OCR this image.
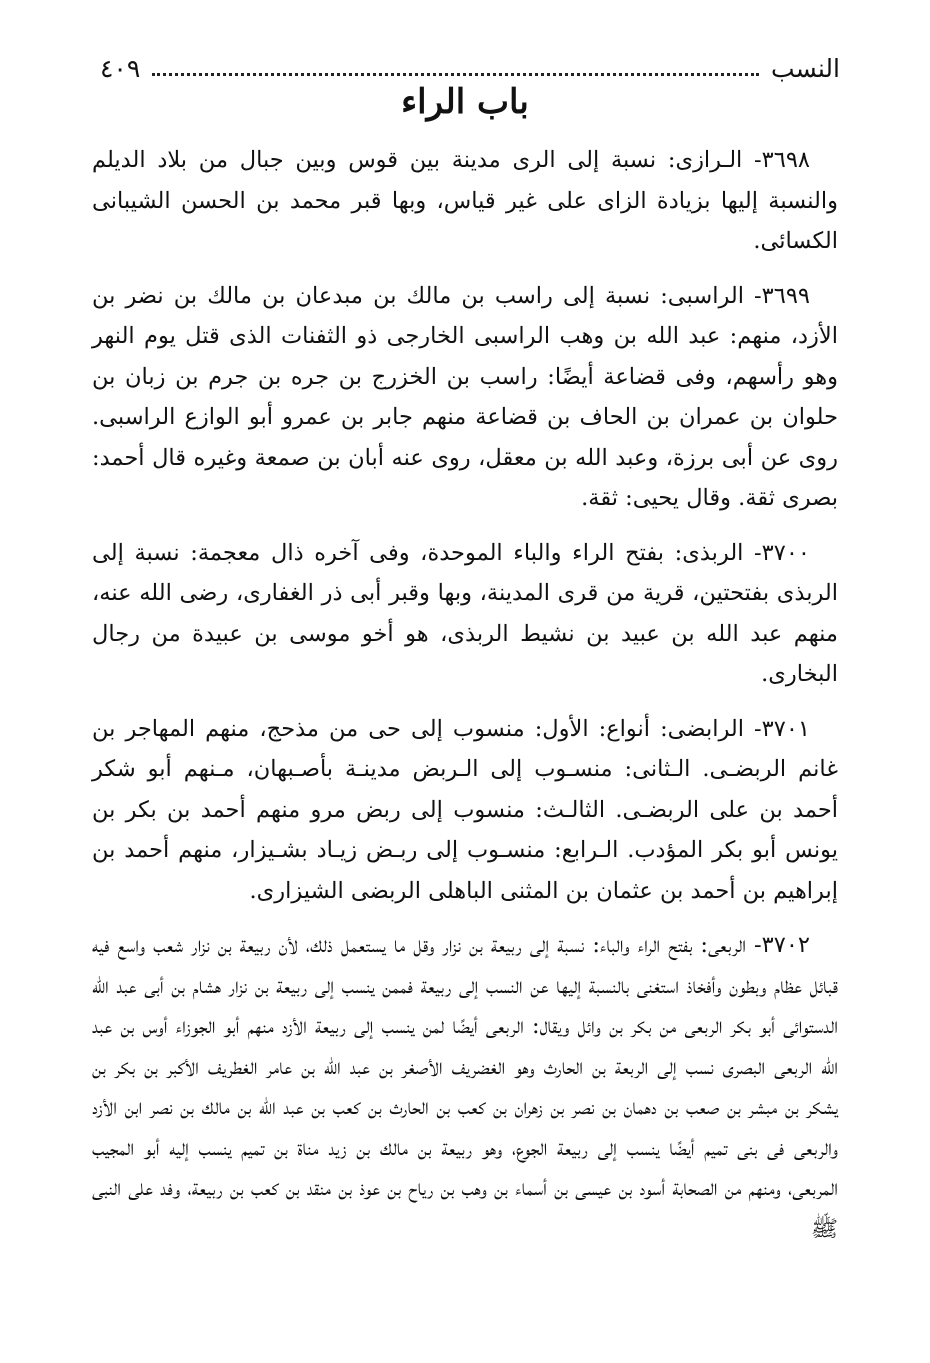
النسب
٤٠٩
باب الراء

٣٦٩٨- الـرازى: نسبة إلى الرى مدينة بين قوس وبين جبال من بلاد الديلم والنسبة إليها بزيادة الزاى على غير قياس، وبها قبر محمد بن الحسن الشيبانى الكسائى.

٣٦٩٩- الراسبى: نسبة إلى راسب بن مالك بن مبدعان بن مالك بن نضر بن الأزد، منهم: عبد الله بن وهب الراسبى الخارجى ذو الثفنات الذى قتل يوم النهر وهو رأسهم، وفى قضاعة أيضًا: راسب بن الخزرج بن جره بن جرم بن زبان بن حلوان بن عمران بن الحاف بن قضاعة منهم جابر بن عمرو أبو الوازع الراسبى. روى عن أبى برزة، وعبد الله بن معقل، روى عنه أبان بن صمعة وغيره قال أحمد: بصرى ثقة. وقال يحيى: ثقة.

٣٧٠٠- الربذى: بفتح الراء والباء الموحدة، وفى آخره ذال معجمة: نسبة إلى الربذى بفتحتين، قرية من قرى المدينة، وبها وقبر أبى ذر الغفارى، رضى الله عنه، منهم عبد الله بن عبيد بن نشيط الربذى، هو أخو موسى بن عبيدة من رجال البخارى.

٣٧٠١- الرابضى: أنواع: الأول: منسوب إلى حى من مذحج، منهم المهاجر بن غانم الربضـى. الـثانى: منسـوب إلى الـربض مدينـة بأصـبهان، مـنهم أبو شكر أحمد بن على الربضـى. الثالـث: منسوب إلى ربض مرو منهم أحمد بن بكر بن يونس أبو بكر المؤدب. الـرابع: منسـوب إلى ربـض زيـاد بشـيزار، منهم أحمد بن إبراهيم بن أحمد بن عثمان بن المثنى الباهلى الربضى الشيزارى.

٣٧٠٢- الربعى: بفتح الراء والباء: نسبة إلى ربيعة بن نزار وقل ما يستعمل ذلك، لأن ربيعة بن نزار شعب واسع فيه قبائل عظام وبطون وأفخاذ استغنى بالنسبة إليها عن النسب إلى ربيعة فممن ينسب إلى ربيعة بن نزار هشام بن أبى عبد الله الدستوائى أبو بكر الربعى من بكر بن وائل ويقال: الربعى أيضًا لمن ينسب إلى ربيعة الأزد منهم أبو الجوزاء أوس بن عبد الله الربعى البصرى نسب إلى الربعة بن الحارث وهو الغضريف الأصغر بن عبد الله بن عامر الغطريف الأكبر بن بكر بن يشكر بن مبشر بن صعب بن دهمان بن نصر بن زهران بن كعب بن الحارث بن كعب بن عبد الله بن مالك بن نصر ابن الأزد والربعى فى بنى تميم أيضًا ينسب إلى ربيعة الجوع، وهو ربيعة بن مالك بن زيد مناة بن تميم ينسب إليه أبو المجيب المربعى، ومنهم من الصحابة أسود بن عيسى بن أسماء بن وهب بن رياح بن عوذ بن منقد بن كعب بن ربيعة، وفد على النبى ﷺ
